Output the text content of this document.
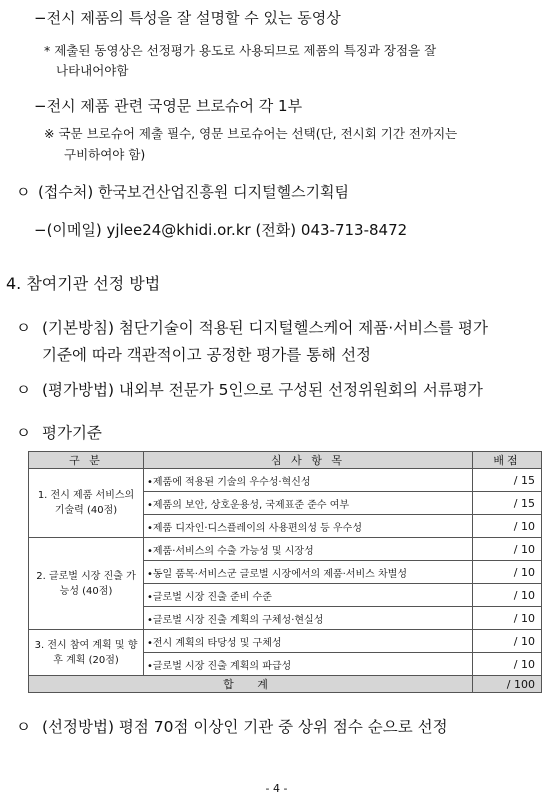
−전시 제품의 특성을 잘 설명할 수 있는 동영상
* 제출된 동영상은 선정평가 용도로 사용되므로 제품의 특징과 장점을 잘
나타내어야함
−전시 제품 관련 국영문 브로슈어 각 1부
※ 국문 브로슈어 제출 필수, 영문 브로슈어는 선택(단, 전시회 기간 전까지는
구비하여야 함)
ㅇ (접수처) 한국보건산업진흥원 디지털헬스기획팀
−(이메일) yjlee24@khidi.or.kr (전화) 043-713-8472
4. 참여기관 선정 방법
ㅇ (기본방침) 첨단기술이 적용된 디지털헬스케어 제품·서비스를 평가
기준에 따라 객관적이고 공정한 평가를 통해 선정
ㅇ (평가방법) 내외부 전문가 5인으로 구성된 선정위원회의 서류평가
ㅇ 평가기준
구 분	심 사 항 목	배점
1. 전시 제품 서비스의 기술력 (40점)	•제품에 적용된 기술의 우수성·혁신성	/ 15
	•제품의 보안, 상호운용성, 국제표준 준수 여부	/ 15
	•제품 디자인·디스플레이의 사용편의성 등 우수성	/ 10
2. 글로벌 시장 진출 가능성 (40점)	•제품·서비스의 수출 가능성 및 시장성	/ 10
	•동일 품목·서비스군 글로벌 시장에서의 제품·서비스 차별성	/ 10
	•글로벌 시장 진출 준비 수준	/ 10
	•글로벌 시장 진출 계획의 구체성·현실성	/ 10
3. 전시 참여 계획 및 향후 계획 (20점)	•전시 계획의 타당성 및 구체성	/ 10
	•글로벌 시장 진출 계획의 파급성	/ 10
합 계		/ 100
ㅇ (선정방법) 평점 70점 이상인 기관 중 상위 점수 순으로 선정
- 4 -
